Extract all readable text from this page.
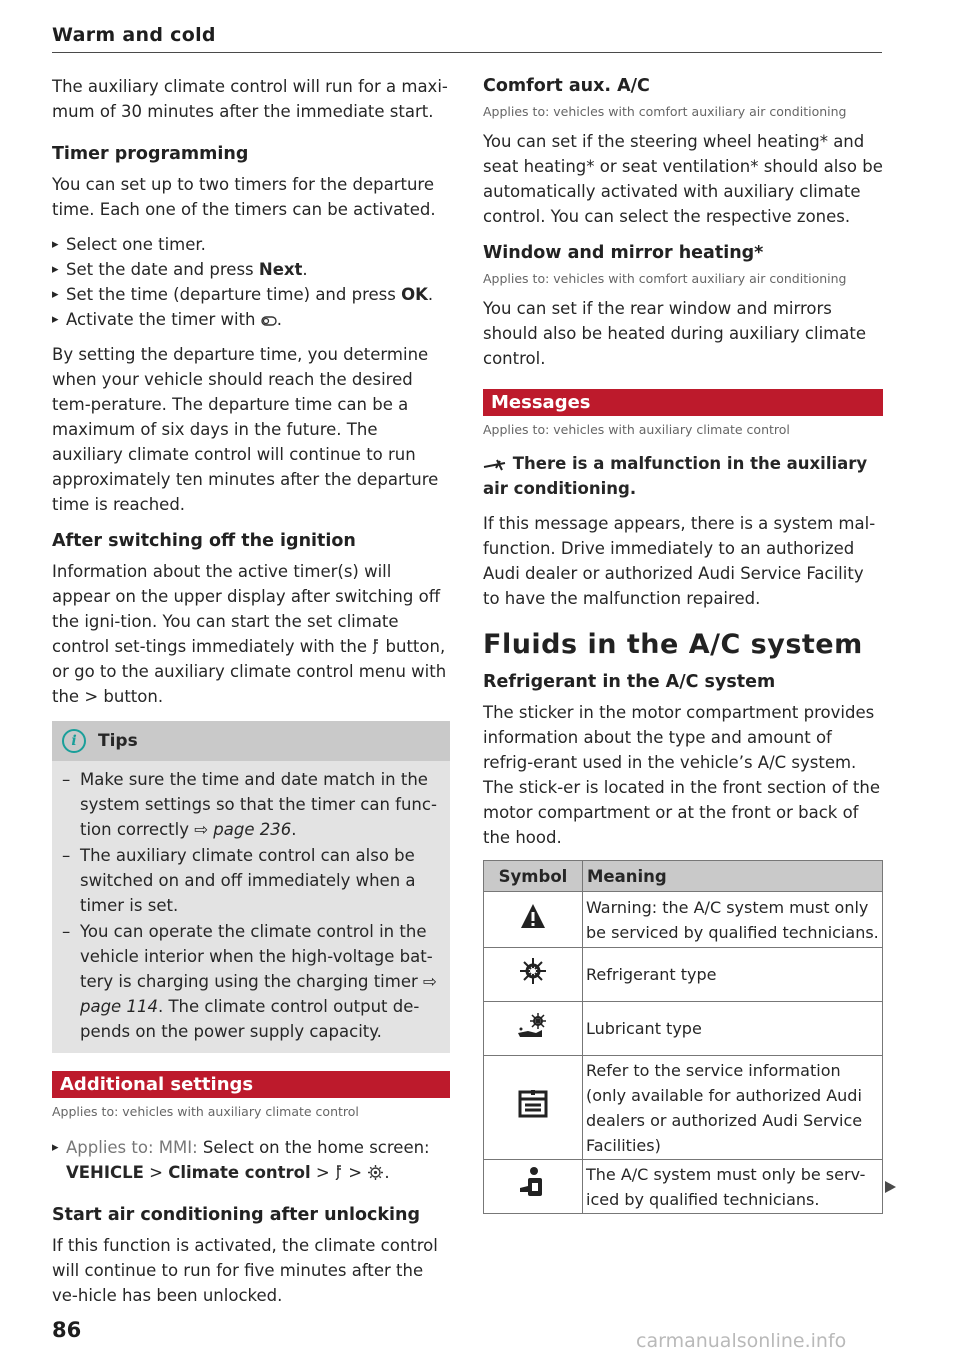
Warm and cold

The auxiliary climate control will run for a maxi-mum of 30 minutes after the immediate start.

Timer programming

You can set up to two timers for the departure time. Each one of the timers can be activated.

▸ Select one timer.
▸ Set the date and press Next.
▸ Set the time (departure time) and press OK.
▸ Activate the timer with .

By setting the departure time, you determine when your vehicle should reach the desired tem-perature. The departure time can be a maximum of six days in the future. The auxiliary climate control will continue to run approximately ten minutes after the departure time is reached.

After switching off the ignition

Information about the active timer(s) will appear on the upper display after switching off the igni-tion. You can start the set climate control set-tings immediately with the  button, or go to the auxiliary climate control menu with the > button.

i	Tips
– Make sure the time and date match in the system settings so that the timer can func-tion correctly ⇨ page 236.
– The auxiliary climate control can also be switched on and off immediately when a timer is set.
– You can operate the climate control in the vehicle interior when the high-voltage bat-tery is charging using the charging timer ⇨ page 114. The climate control output de-pends on the power supply capacity.
Additional settings
Applies to: vehicles with auxiliary climate control
▸ Applies to: MMI: Select on the home screen:
VEHICLE > Climate control >  > .
Start air conditioning after unlocking

If this function is activated, the climate control will continue to run for five minutes after the ve-hicle has been unlocked.

Comfort aux. A/C
Applies to: vehicles with comfort auxiliary air conditioning

You can set if the steering wheel heating* and seat heating* or seat ventilation* should also be automatically activated with auxiliary climate control. You can select the respective zones.

Window and mirror heating*
Applies to: vehicles with comfort auxiliary air conditioning

You can set if the rear window and mirrors should also be heated during auxiliary climate control.

Messages
Applies to: vehicles with auxiliary climate control

There is a malfunction in the auxiliary air conditioning.

If this message appears, there is a system mal-function. Drive immediately to an authorized Audi dealer or authorized Audi Service Facility to have the malfunction repaired.

Fluids in the A/C system
Refrigerant in the A/C system

The sticker in the motor compartment provides information about the type and amount of refrig-erant used in the vehicle’s A/C system. The stick-er is located in the front section of the motor compartment or at the front or back of the hood.

Symbol	Meaning
	Warning: the A/C system must only be serviced by qualified technicians.
	Refrigerant type
	Lubricant type
	Refer to the service information (only available for authorized Audi dealers or authorized Audi Service Facilities)
	The A/C system must only be serv-iced by qualified technicians.
86	carmanualsonline.info
